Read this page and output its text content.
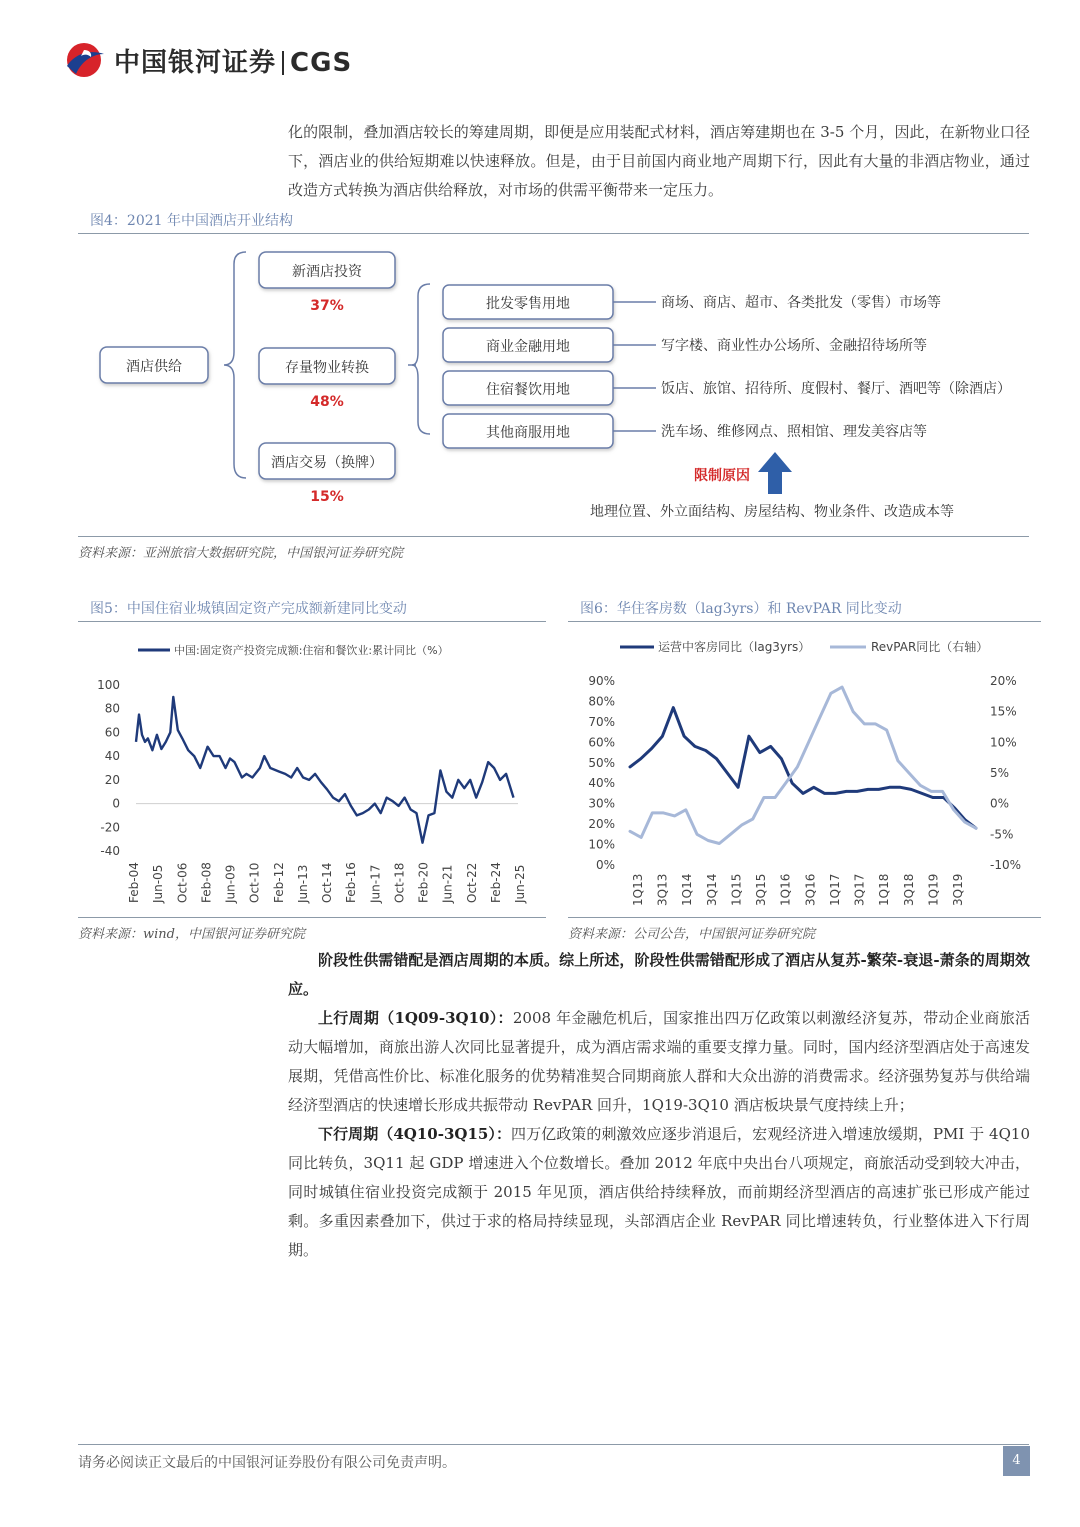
中国银河证券 CGS

化的限制，叠加酒店较长的筹建周期，即便是应用装配式材料，酒店筹建期也在 3-5 个月，因此，在新物业口径下，酒店业的供给短期难以快速释放。但是，由于目前国内商业地产周期下行，因此有大量的非酒店物业，通过改造方式转换为酒店供给释放，对市场的供需平衡带来一定压力。

图4：2021 年中国酒店开业结构
酒店供给
新酒店投资
37%
存量物业转换
48%
酒店交易（换牌）
15%
批发零售用地
商业金融用地
住宿餐饮用地
其他商服用地
商场、商店、超市、各类批发（零售）市场等
写字楼、商业性办公场所、金融招待场所等
饭店、旅馆、招待所、度假村、餐厅、酒吧等（除酒店）
洗车场、维修网点、照相馆、理发美容店等
限制原因
地理位置、外立面结构、房屋结构、物业条件、改造成本等
资料来源：亚洲旅宿大数据研究院，中国银河证券研究院
图5：中国住宿业城镇固定资产完成额新建同比变动
中国:固定资产投资完成额:住宿和餐饮业:累计同比（%）
100
80
60
40
20
0
-20
-40
Feb-04 Jun-05 Oct-06 Feb-08 Jun-09 Oct-10 Feb-12 Jun-13 Oct-14 Feb-16 Jun-17 Oct-18 Feb-20 Jun-21 Oct-22 Feb-24 Jun-25
资料来源：wind，中国银河证券研究院
图6：华住客房数（lag3yrs）和 RevPAR 同比变动
运营中客房同比（lag3yrs）	RevPAR同比（右轴）
90%
80%
70%
60%
50%
40%
30%
20%
10%
0%
20%
15%
10%
5%
0%
-5%
-10%
1Q13 3Q13 1Q14 3Q14 1Q15 3Q15 1Q16 3Q16 1Q17 3Q17 1Q18 3Q18 1Q19 3Q19
资料来源：公司公告，中国银河证券研究院

阶段性供需错配是酒店周期的本质。综上所述，阶段性供需错配形成了酒店从复苏-繁荣-衰退-萧条的周期效应。

上行周期（1Q09-3Q10）：2008 年金融危机后，国家推出四万亿政策以刺激经济复苏，带动企业商旅活动大幅增加，商旅出游人次同比显著提升，成为酒店需求端的重要支撑力量。同时，国内经济型酒店处于高速发展期，凭借高性价比、标准化服务的优势精准契合同期商旅人群和大众出游的消费需求。经济强势复苏与供给端经济型酒店的快速增长形成共振带动 RevPAR 回升，1Q19-3Q10 酒店板块景气度持续上升；

下行周期（4Q10-3Q15）：四万亿政策的刺激效应逐步消退后，宏观经济进入增速放缓期，PMI 于 4Q10 同比转负，3Q11 起 GDP 增速进入个位数增长。叠加 2012 年底中央出台八项规定，商旅活动受到较大冲击，同时城镇住宿业投资完成额于 2015 年见顶，酒店供给持续释放，而前期经济型酒店的高速扩张已形成产能过剩。多重因素叠加下，供过于求的格局持续显现，头部酒店企业 RevPAR 同比增速转负，行业整体进入下行周期。

请务必阅读正文最后的中国银河证券股份有限公司免责声明。	4
